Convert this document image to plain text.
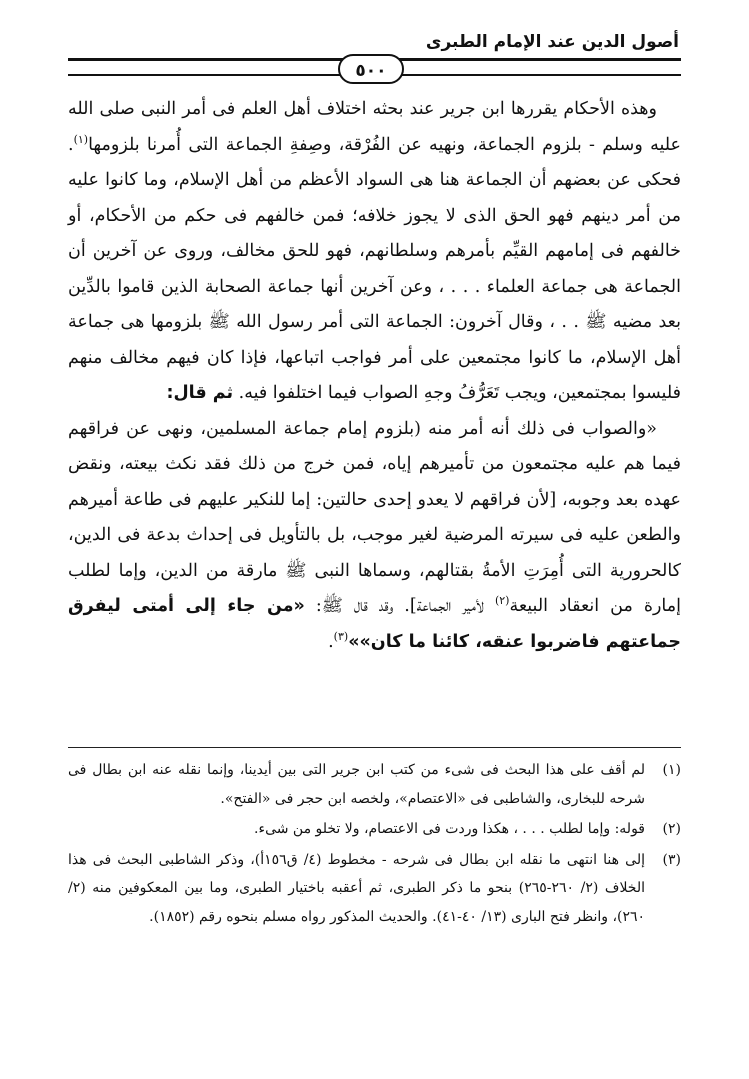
أصول الدين عند الإمام الطبرى
٥٠٠

وهذه الأحكام يقررها ابن جرير عند بحثه اختلاف أهل العلم فى أمر النبى صلى الله عليه وسلم - بلزوم الجماعة، ونهيه عن الفُرْقة، وصِفةِ الجماعة التى أُمرنا بلزومها$^{(١)}$. فحكى عن بعضهم أن الجماعة هنا هى السواد الأعظم من أهل الإسلام، وما كانوا عليه من أمر دينهم فهو الحق الذى لا يجوز خلافه؛ فمن خالفهم فى حكم من الأحكام، أو خالفهم فى إمامهم القيِّم بأمرهم وسلطانهم، فهو للحق مخالف، وروى عن آخرين أن الجماعة هى جماعة العلماء . . . ، وعن آخرين أنها جماعة الصحابة الذين قاموا بالدِّين بعد مضيه ﷺ . . ، وقال آخرون: الجماعة التى أمر رسول الله ﷺ بلزومها هى جماعة أهل الإسلام، ما كانوا مجتمعين على أمر فواجب اتباعها، فإذا كان فيهم مخالف منهم فليسوا بمجتمعين، ويجب تَعَرُّفُ وجهِ الصواب فيما اختلفوا فيه. ثم قال:

«والصواب فى ذلك أنه أمر منه (بلزوم إمام جماعة المسلمين، ونهى عن فراقهم فيما هم عليه مجتمعون من تأميرهم إياه، فمن خرج من ذلك فقد نكث بيعته، ونقض عهده بعد وجوبه، [لأن فراقهم لا يعدو إحدى حالتين: إما للنكير عليهم فى طاعة أميرهم والطعن عليه فى سيرته المرضية لغير موجب، بل بالتأويل فى إحداث بدعة فى الدين، كالحرورية التى أُمِرَتِ الأمةُ بقتالهم، وسماها النبى ﷺ مارقة من الدين، وإما لطلب إمارة من انعقاد البيعة$^{(٢)}$ لأمير الجماعة]. وقد قال ﷺ: «من جاء إلى أمتى ليفرق جماعتهم فاضربوا عنقه، كائنا ما كان»»$^{(٣)}$.

(١)
لم أقف على هذا البحث فى شىء من كتب ابن جرير التى بين أيدينا، وإنما نقله عنه ابن بطال فى شرحه للبخارى، والشاطبى فى «الاعتصام»، ولخصه ابن حجر فى «الفتح».
(٢)
قوله: وإما لطلب . . . ، هكذا وردت فى الاعتصام، ولا تخلو من شىء.
(٣)
إلى هنا انتهى ما نقله ابن بطال فى شرحه - مخطوط (٤/ ق١٥٦أ)، وذكر الشاطبى البحث فى هذا الخلاف (٢/ ٢٦٠-٢٦٥) بنحو ما ذكر الطبرى، ثم أعقبه باختيار الطبرى، وما بين المعكوفين منه (٢/ ٢٦٠)، وانظر فتح البارى (١٣/ ٤٠-٤١). والحديث المذكور رواه مسلم بنحوه رقم (١٨٥٢).
